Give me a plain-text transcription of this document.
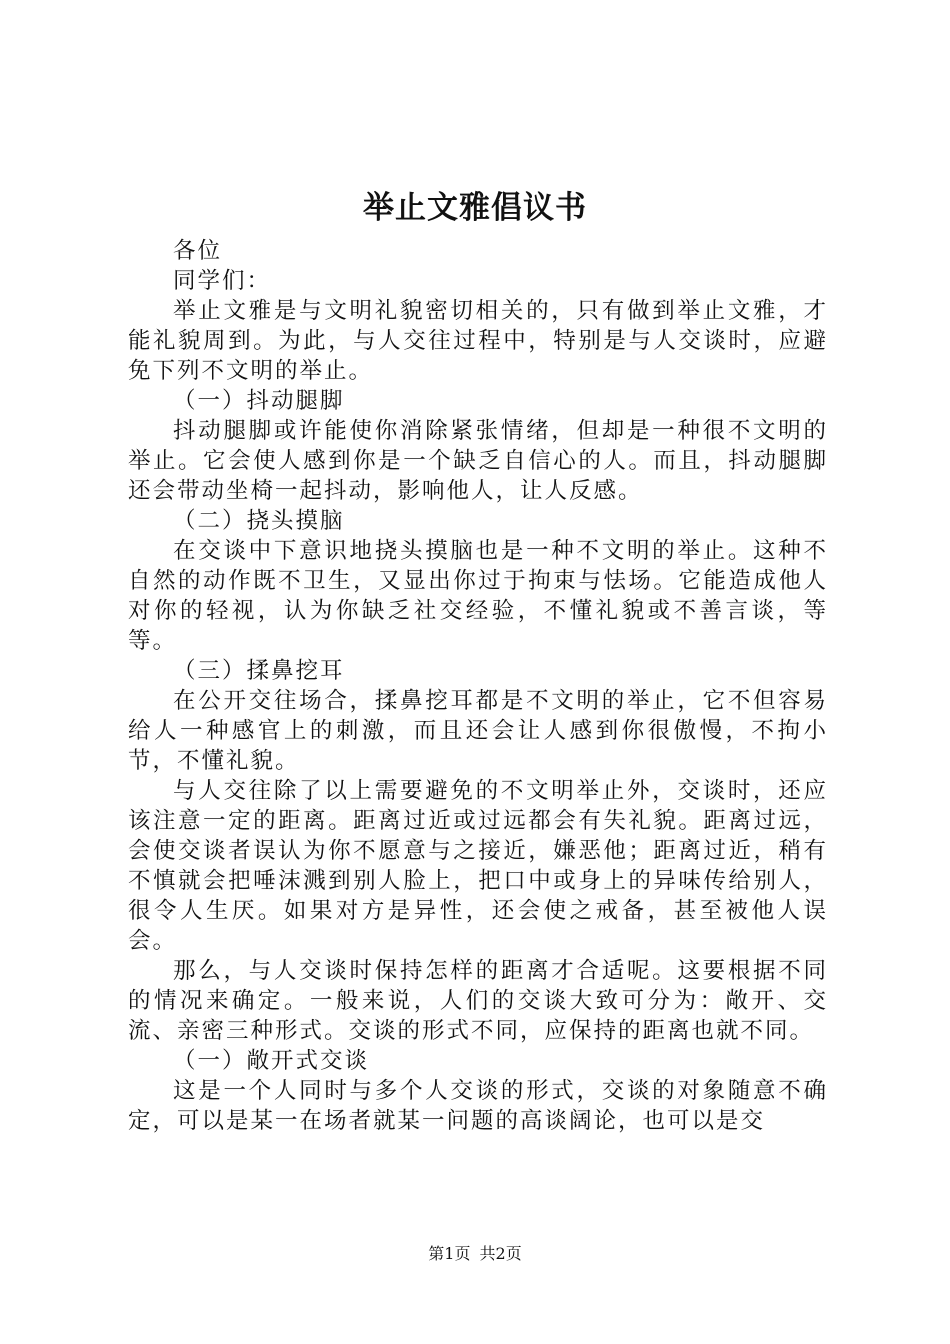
举止文雅倡议书

各位

同学们：

举止文雅是与文明礼貌密切相关的，只有做到举止文雅，才能礼貌周到。为此，与人交往过程中，特别是与人交谈时，应避免下列不文明的举止。

（一）抖动腿脚

抖动腿脚或许能使你消除紧张情绪，但却是一种很不文明的举止。它会使人感到你是一个缺乏自信心的人。而且，抖动腿脚还会带动坐椅一起抖动，影响他人，让人反感。

（二）挠头摸脑

在交谈中下意识地挠头摸脑也是一种不文明的举止。这种不自然的动作既不卫生，又显出你过于拘束与怯场。它能造成他人对你的轻视，认为你缺乏社交经验，不懂礼貌或不善言谈，等等。

（三）揉鼻挖耳

在公开交往场合，揉鼻挖耳都是不文明的举止，它不但容易给人一种感官上的刺激，而且还会让人感到你很傲慢，不拘小节，不懂礼貌。

与人交往除了以上需要避免的不文明举止外，交谈时，还应该注意一定的距离。距离过近或过远都会有失礼貌。距离过远，会使交谈者误认为你不愿意与之接近，嫌恶他；距离过近，稍有不慎就会把唾沫溅到别人脸上，把口中或身上的异味传给别人，很令人生厌。如果对方是异性，还会使之戒备，甚至被他人误会。

那么，与人交谈时保持怎样的距离才合适呢。这要根据不同的情况来确定。一般来说，人们的交谈大致可分为：敞开、交流、亲密三种形式。交谈的形式不同，应保持的距离也就不同。

（一）敞开式交谈

这是一个人同时与多个人交谈的形式，交谈的对象随意不确定，可以是某一在场者就某一问题的高谈阔论，也可以是交

第1页 共2页
